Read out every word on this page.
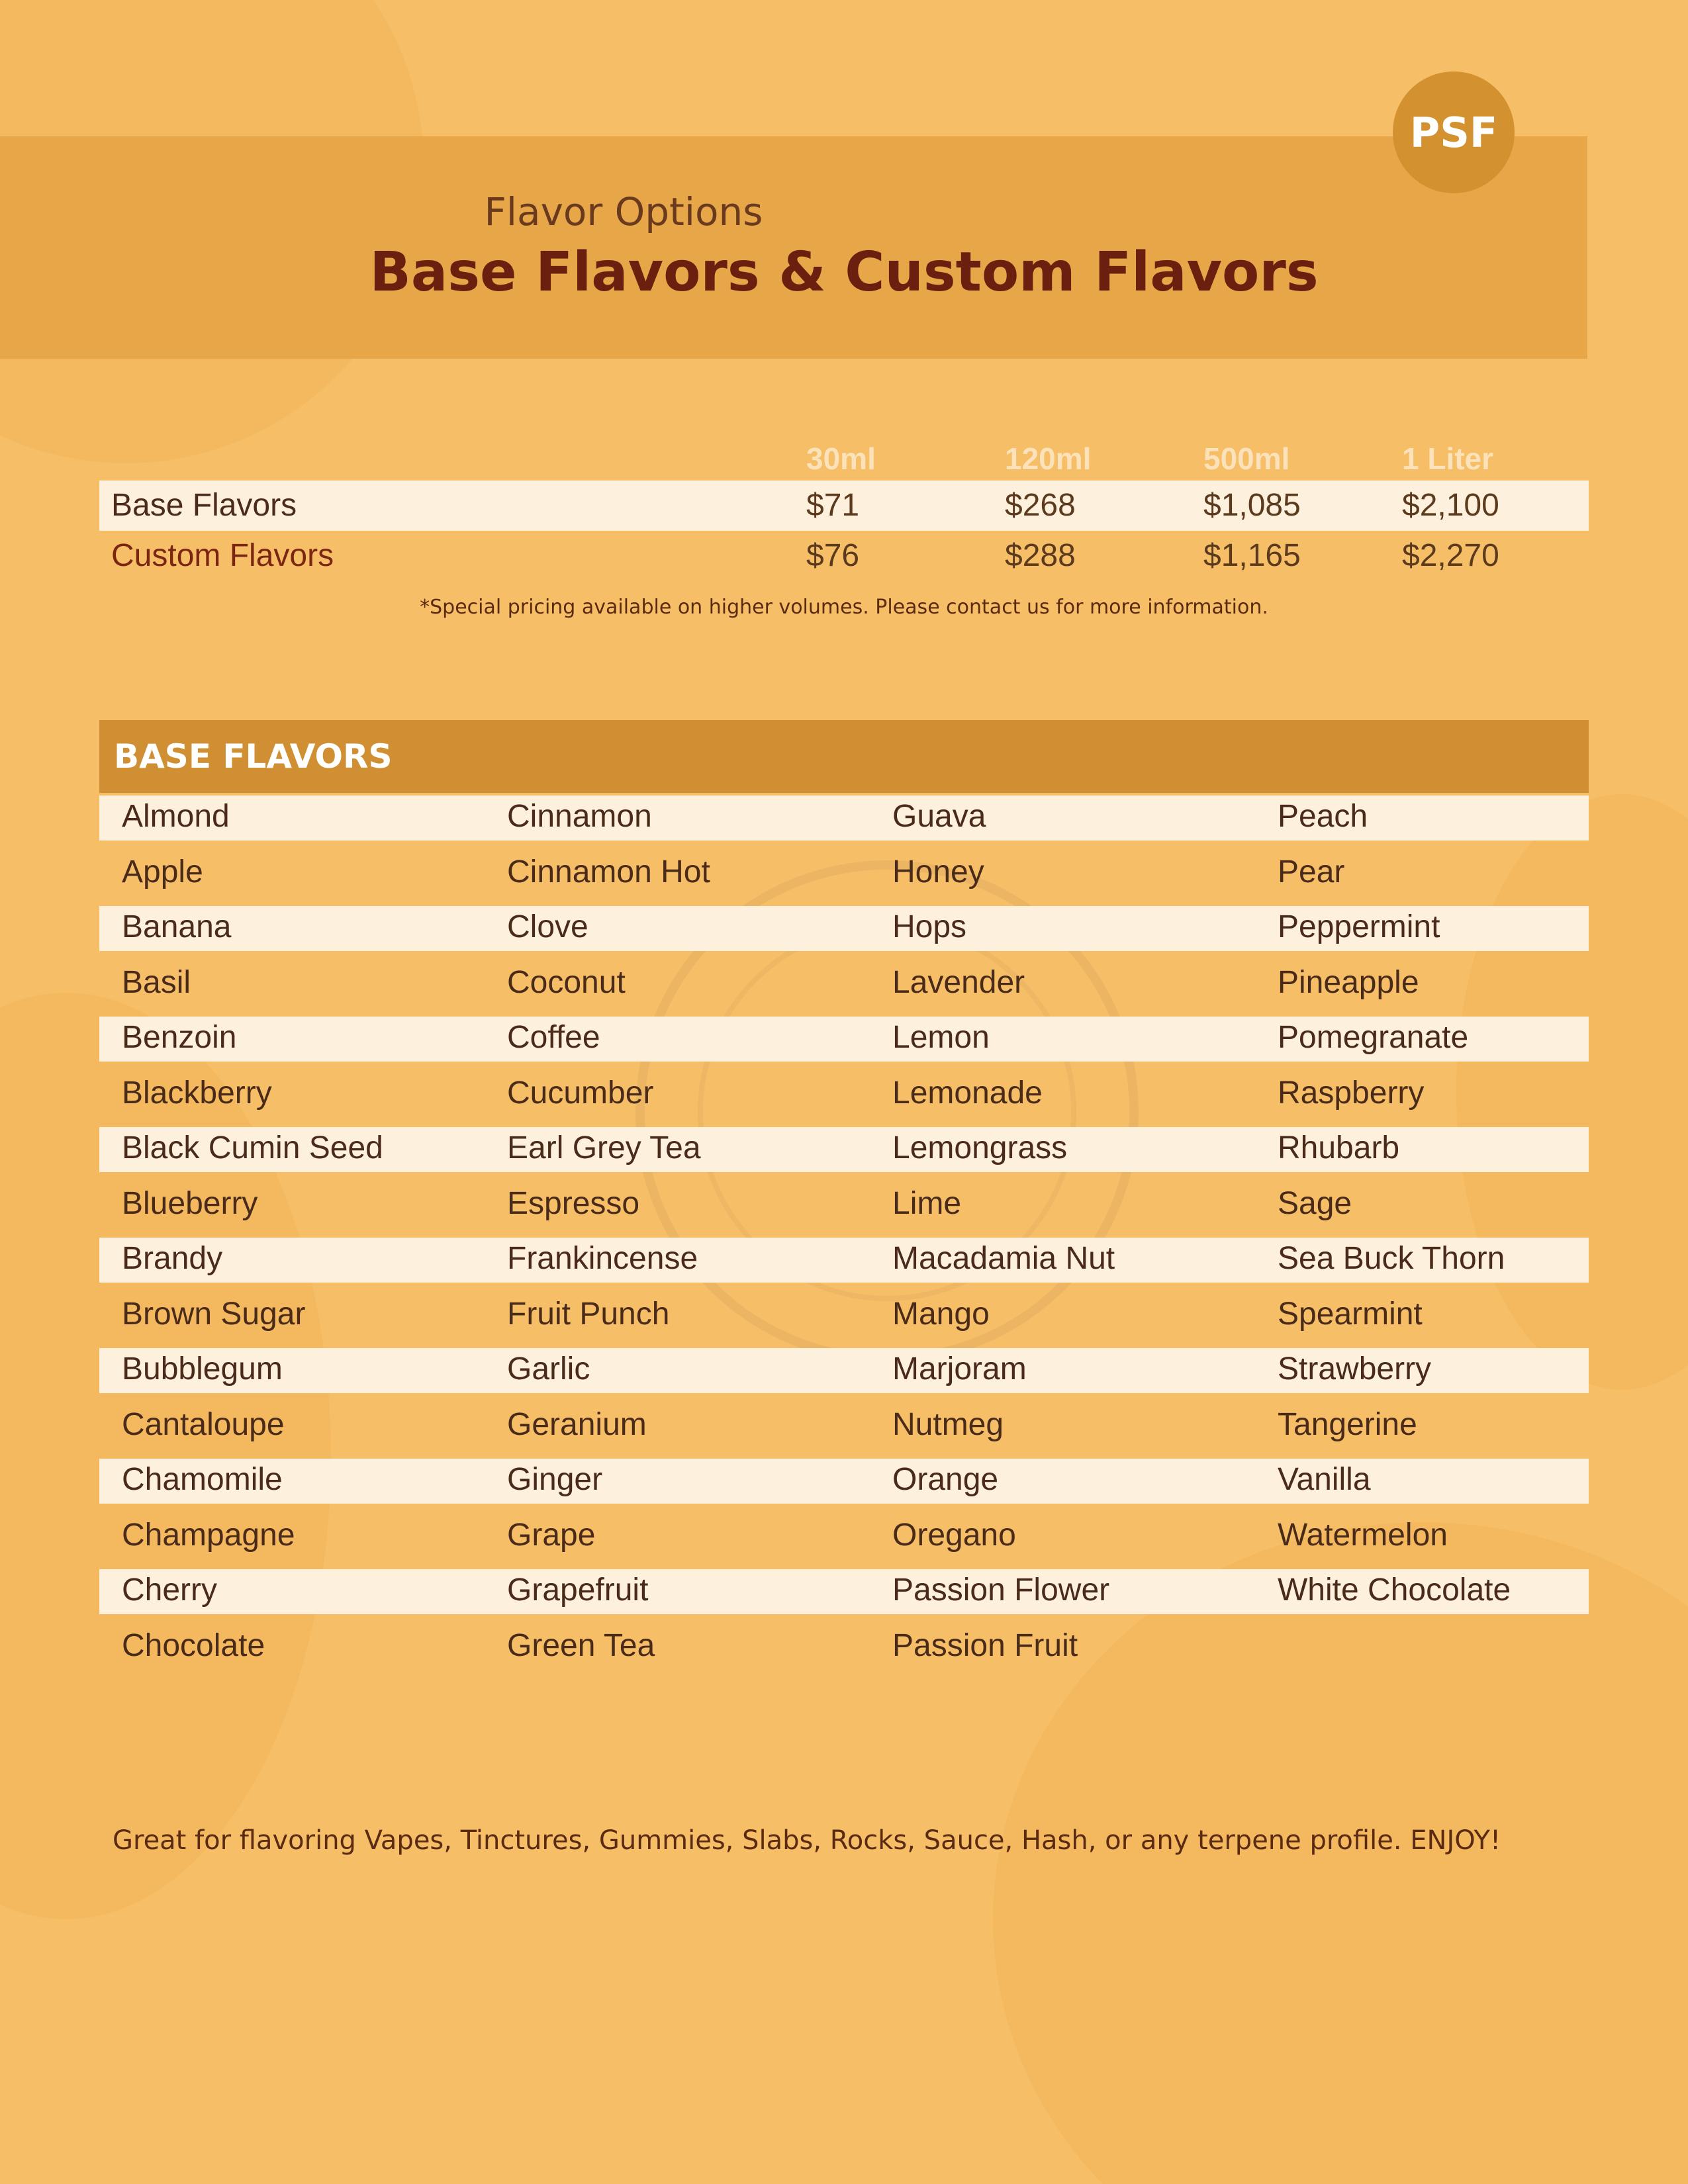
PSF
Flavor Options
Base Flavors & Custom Flavors
30ml	120ml	500ml	1 Liter
Base Flavors	$71	$268	$1,085	$2,100
Custom Flavors	$76	$288	$1,165	$2,270
*Special pricing available on higher volumes. Please contact us for more information.
BASE FLAVORS
Almond	Cinnamon	Guava	Peach
Apple	Cinnamon Hot	Honey	Pear
Banana	Clove	Hops	Peppermint
Basil	Coconut	Lavender	Pineapple
Benzoin	Coffee	Lemon	Pomegranate
Blackberry	Cucumber	Lemonade	Raspberry
Black Cumin Seed	Earl Grey Tea	Lemongrass	Rhubarb
Blueberry	Espresso	Lime	Sage
Brandy	Frankincense	Macadamia Nut	Sea Buck Thorn
Brown Sugar	Fruit Punch	Mango	Spearmint
Bubblegum	Garlic	Marjoram	Strawberry
Cantaloupe	Geranium	Nutmeg	Tangerine
Chamomile	Ginger	Orange	Vanilla
Champagne	Grape	Oregano	Watermelon
Cherry	Grapefruit	Passion Flower	White Chocolate
Chocolate	Green Tea	Passion Fruit
Great for flavoring Vapes, Tinctures, Gummies, Slabs, Rocks, Sauce, Hash, or any terpene profile. ENJOY!
